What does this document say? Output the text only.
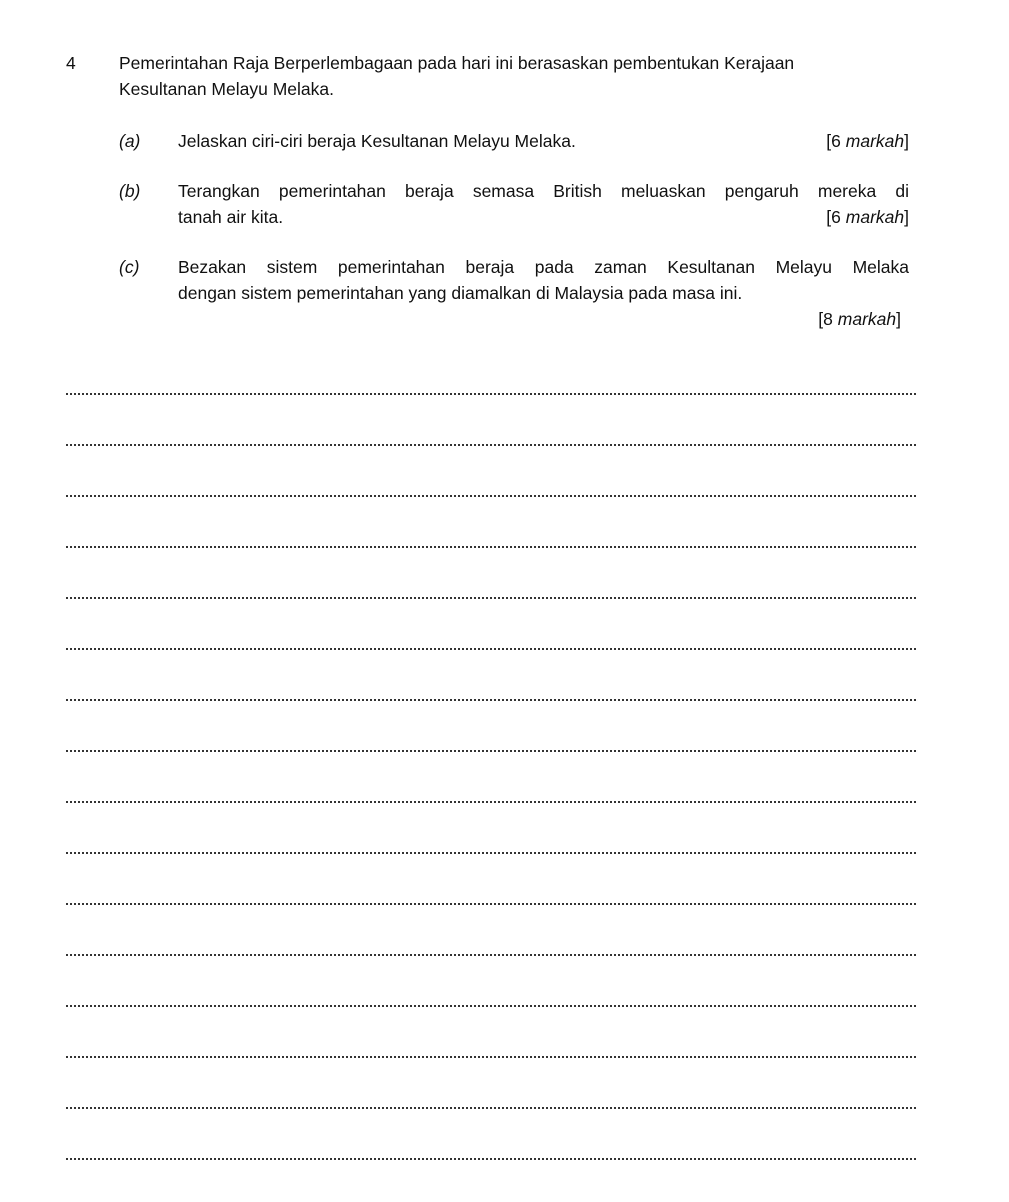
4 Pemerintahan Raja Berperlembagaan pada hari ini berasaskan pembentukan Kerajaan
Kesultanan Melayu Melaka.
(a) Jelaskan ciri-ciri beraja Kesultanan Melayu Melaka.	[6 markah]
(b) Terangkan pemerintahan beraja semasa British meluaskan pengaruh mereka di
tanah air kita.	[6 markah]
(c) Bezakan sistem pemerintahan beraja pada zaman Kesultanan Melayu Melaka
dengan sistem pemerintahan yang diamalkan di Malaysia pada masa ini.
[8 markah]
